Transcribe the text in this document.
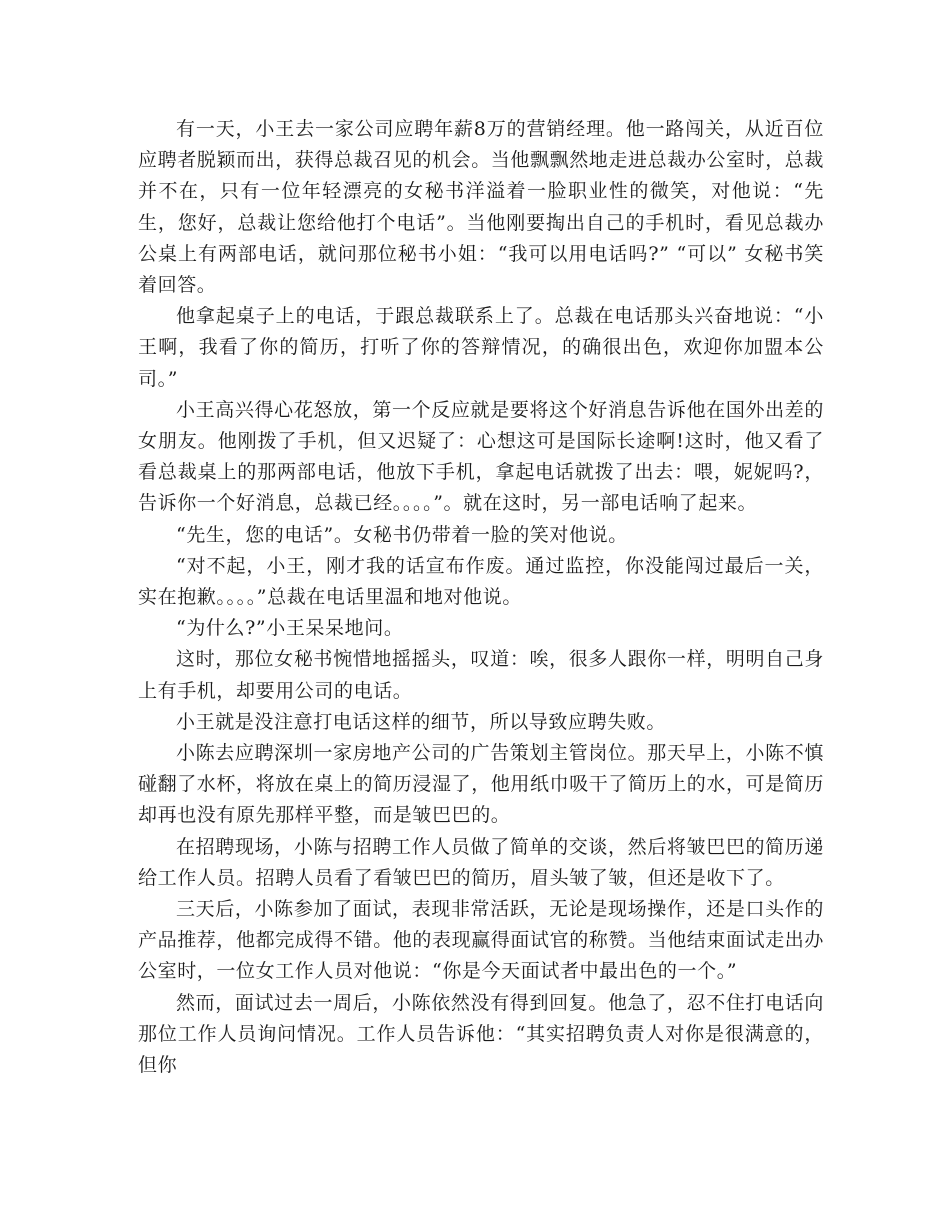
有一天，小王去一家公司应聘年薪8万的营销经理。他一路闯关，从近百位应聘者脱颖而出，获得总裁召见的机会。当他飘飘然地走进总裁办公室时，总裁并不在，只有一位年轻漂亮的女秘书洋溢着一脸职业性的微笑，对他说：“先生，您好，总裁让您给他打个电话”。当他刚要掏出自己的手机时，看见总裁办公桌上有两部电话，就问那位秘书小姐：“我可以用电话吗?” “可以” 女秘书笑着回答。

他拿起桌子上的电话，于跟总裁联系上了。总裁在电话那头兴奋地说：“小王啊，我看了你的简历，打听了你的答辩情况，的确很出色，欢迎你加盟本公司。”

小王高兴得心花怒放，第一个反应就是要将这个好消息告诉他在国外出差的女朋友。他刚拨了手机，但又迟疑了：心想这可是国际长途啊!这时，他又看了看总裁桌上的那两部电话，他放下手机，拿起电话就拨了出去：喂，妮妮吗?，告诉你一个好消息，总裁已经。。。。”。就在这时，另一部电话响了起来。

“先生，您的电话”。女秘书仍带着一脸的笑对他说。

“对不起，小王，刚才我的话宣布作废。通过监控，你没能闯过最后一关，实在抱歉。。。。”总裁在电话里温和地对他说。

“为什么?”小王呆呆地问。

这时，那位女秘书惋惜地摇摇头，叹道：唉，很多人跟你一样，明明自己身上有手机，却要用公司的电话。

小王就是没注意打电话这样的细节，所以导致应聘失败。

小陈去应聘深圳一家房地产公司的广告策划主管岗位。那天早上，小陈不慎碰翻了水杯，将放在桌上的简历浸湿了，他用纸巾吸干了简历上的水，可是简历却再也没有原先那样平整，而是皱巴巴的。

在招聘现场，小陈与招聘工作人员做了简单的交谈，然后将皱巴巴的简历递给工作人员。招聘人员看了看皱巴巴的简历，眉头皱了皱，但还是收下了。

三天后，小陈参加了面试，表现非常活跃，无论是现场操作，还是口头作的产品推荐，他都完成得不错。他的表现赢得面试官的称赞。当他结束面试走出办公室时，一位女工作人员对他说：“你是今天面试者中最出色的一个。”

然而，面试过去一周后，小陈依然没有得到回复。他急了，忍不住打电话向那位工作人员询问情况。工作人员告诉他：“其实招聘负责人对你是很满意的，但你
